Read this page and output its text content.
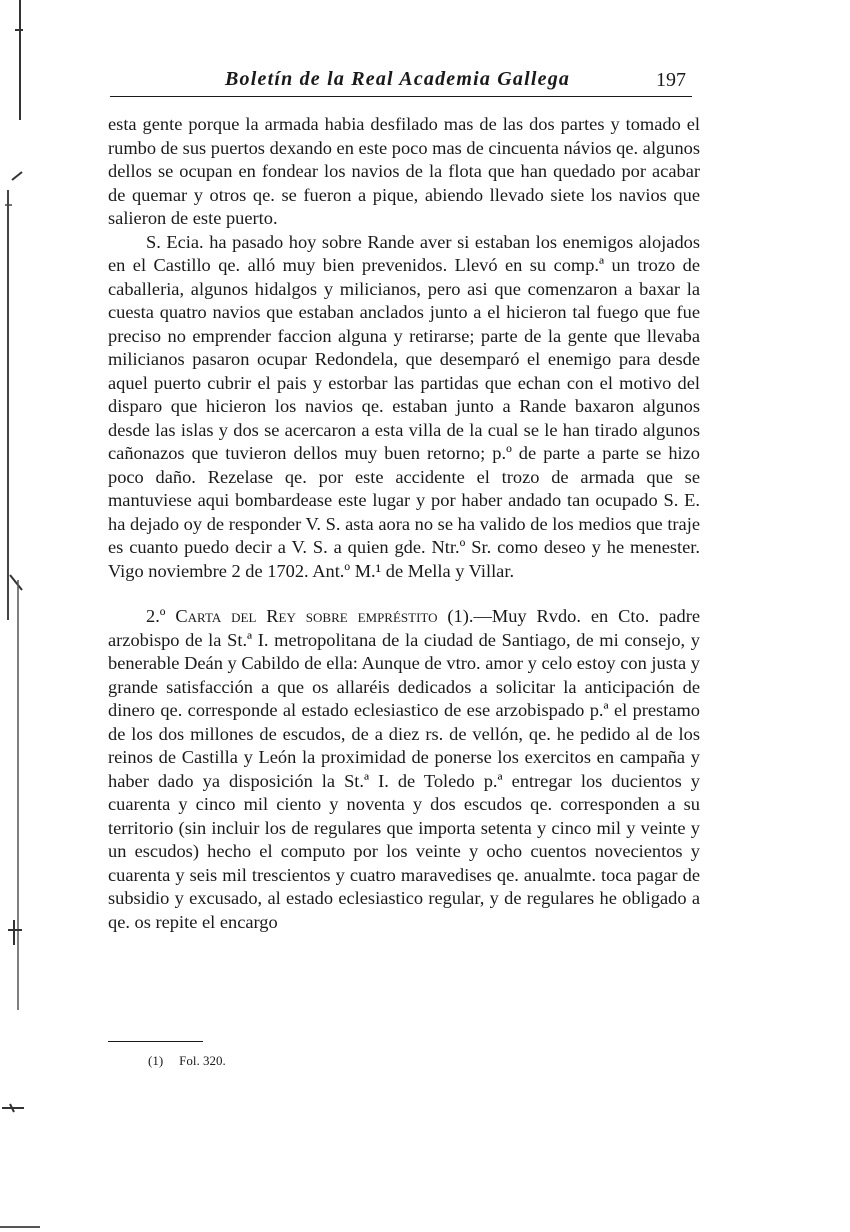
Boletín de la Real Academia Gallega	197

esta gente porque la armada habia desfilado mas de las dos partes y tomado el rumbo de sus puertos dexando en este poco mas de cincuenta návios qe. algunos dellos se ocupan en fondear los navios de la flota que han quedado por acabar de quemar y otros qe. se fueron a pique, abiendo llevado siete los navios que salieron de este puerto.

S. Ecia. ha pasado hoy sobre Rande aver si estaban los enemigos alojados en el Castillo qe. alló muy bien prevenidos. Llevó en su comp.ª un trozo de caballeria, algunos hidalgos y milicianos, pero asi que comenzaron a baxar la cuesta quatro navios que estaban anclados junto a el hicieron tal fuego que fue preciso no emprender faccion alguna y retirarse; parte de la gente que llevaba milicianos pasaron ocupar Redondela, que desemparó el enemigo para desde aquel puerto cubrir el pais y estorbar las partidas que echan con el motivo del disparo que hicieron los navios qe. estaban junto a Rande baxaron algunos desde las islas y dos se acercaron a esta villa de la cual se le han tirado algunos cañonazos que tuvieron dellos muy buen retorno; p.º de parte a parte se hizo poco daño. Rezelase qe. por este accidente el trozo de armada que se mantuviese aqui bombardease este lugar y por haber andado tan ocupado S. E. ha dejado oy de responder V. S. asta aora no se ha valido de los medios que traje es cuanto puedo decir a V. S. a quien gde. Ntr.º Sr. como deseo y he menester. Vigo noviembre 2 de 1702. Ant.º M.¹ de Mella y Villar.

2.º Carta del Rey sobre empréstito (1).—Muy Rvdo. en Cto. padre arzobispo de la St.ª I. metropolitana de la ciudad de Santiago, de mi consejo, y benerable Deán y Cabildo de ella: Aunque de vtro. amor y celo estoy con justa y grande satisfacción a que os allaréis dedicados a solicitar la anticipación de dinero qe. corresponde al estado eclesiastico de ese arzobispado p.ª el prestamo de los dos millones de escudos, de a diez rs. de vellón, qe. he pedido al de los reinos de Castilla y León la proximidad de ponerse los exercitos en campaña y haber dado ya disposición la St.ª I. de Toledo p.ª entregar los ducientos y cuarenta y cinco mil ciento y noventa y dos escudos qe. corresponden a su territorio (sin incluir los de regulares que importa setenta y cinco mil y veinte y un escudos) hecho el computo por los veinte y ocho cuentos novecientos y cuarenta y seis mil trescientos y cuatro maravedises qe. anualmte. toca pagar de subsidio y excusado, al estado eclesiastico regular, y de regulares he obligado a qe. os repite el encargo

(1) Fol. 320.
